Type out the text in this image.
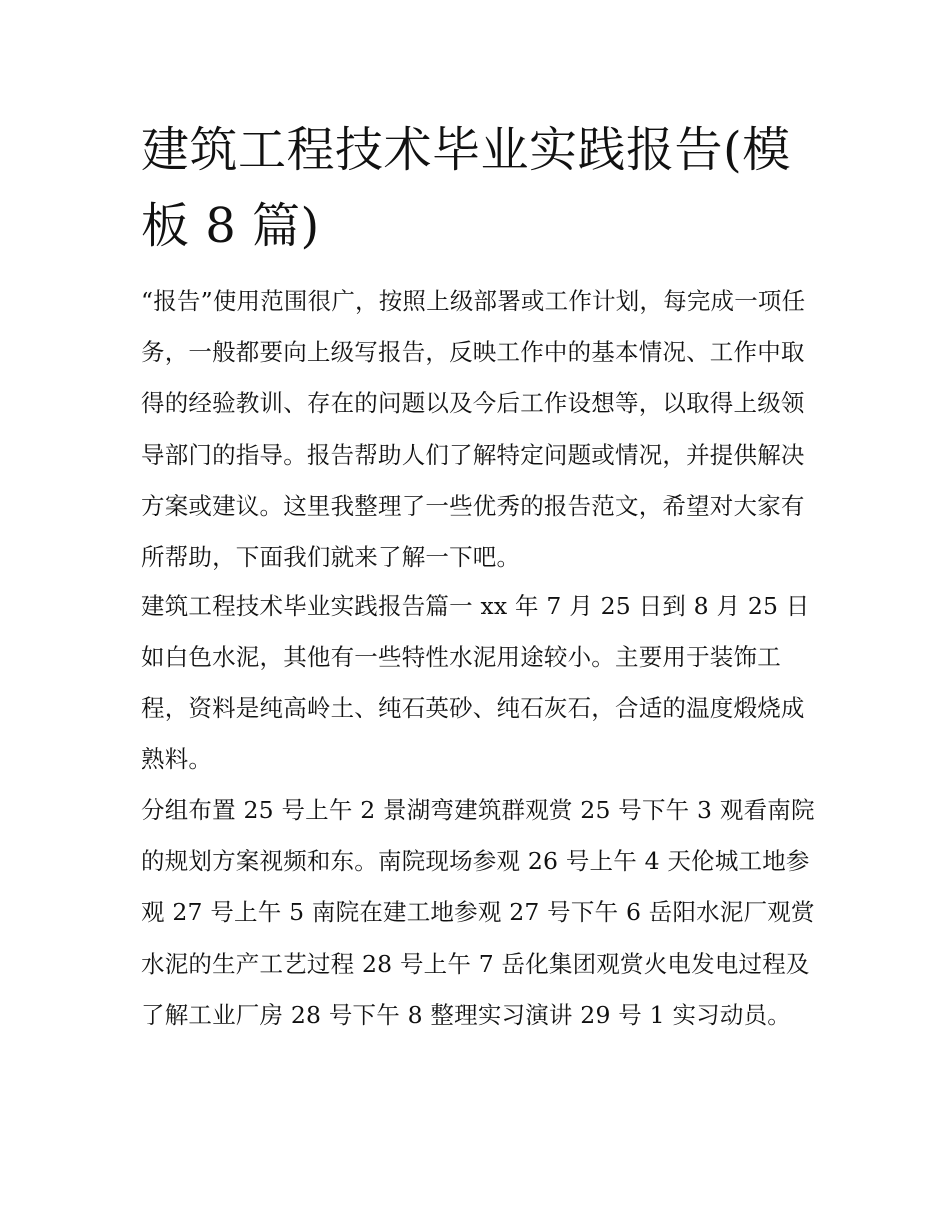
建筑工程技术毕业实践报告(模板 8 篇)

“报告”使用范围很广，按照上级部署或工作计划，每完成一项任务，一般都要向上级写报告，反映工作中的基本情况、工作中取得的经验教训、存在的问题以及今后工作设想等，以取得上级领导部门的指导。报告帮助人们了解特定问题或情况，并提供解决方案或建议。这里我整理了一些优秀的报告范文，希望对大家有所帮助，下面我们就来了解一下吧。

建筑工程技术毕业实践报告篇一 xx 年 7 月 25 日到 8 月 25 日

如白色水泥，其他有一些特性水泥用途较小。主要用于装饰工程，资料是纯高岭土、纯石英砂、纯石灰石，合适的温度煅烧成熟料。

分组布置 25 号上午 2 景湖弯建筑群观赏 25 号下午 3 观看南院的规划方案视频和东。南院现场参观 26 号上午 4 天伦城工地参观 27 号上午 5 南院在建工地参观 27 号下午 6 岳阳水泥厂观赏水泥的生产工艺过程 28 号上午 7 岳化集团观赏火电发电过程及了解工业厂房 28 号下午 8 整理实习演讲 29 号 1 实习动员。
